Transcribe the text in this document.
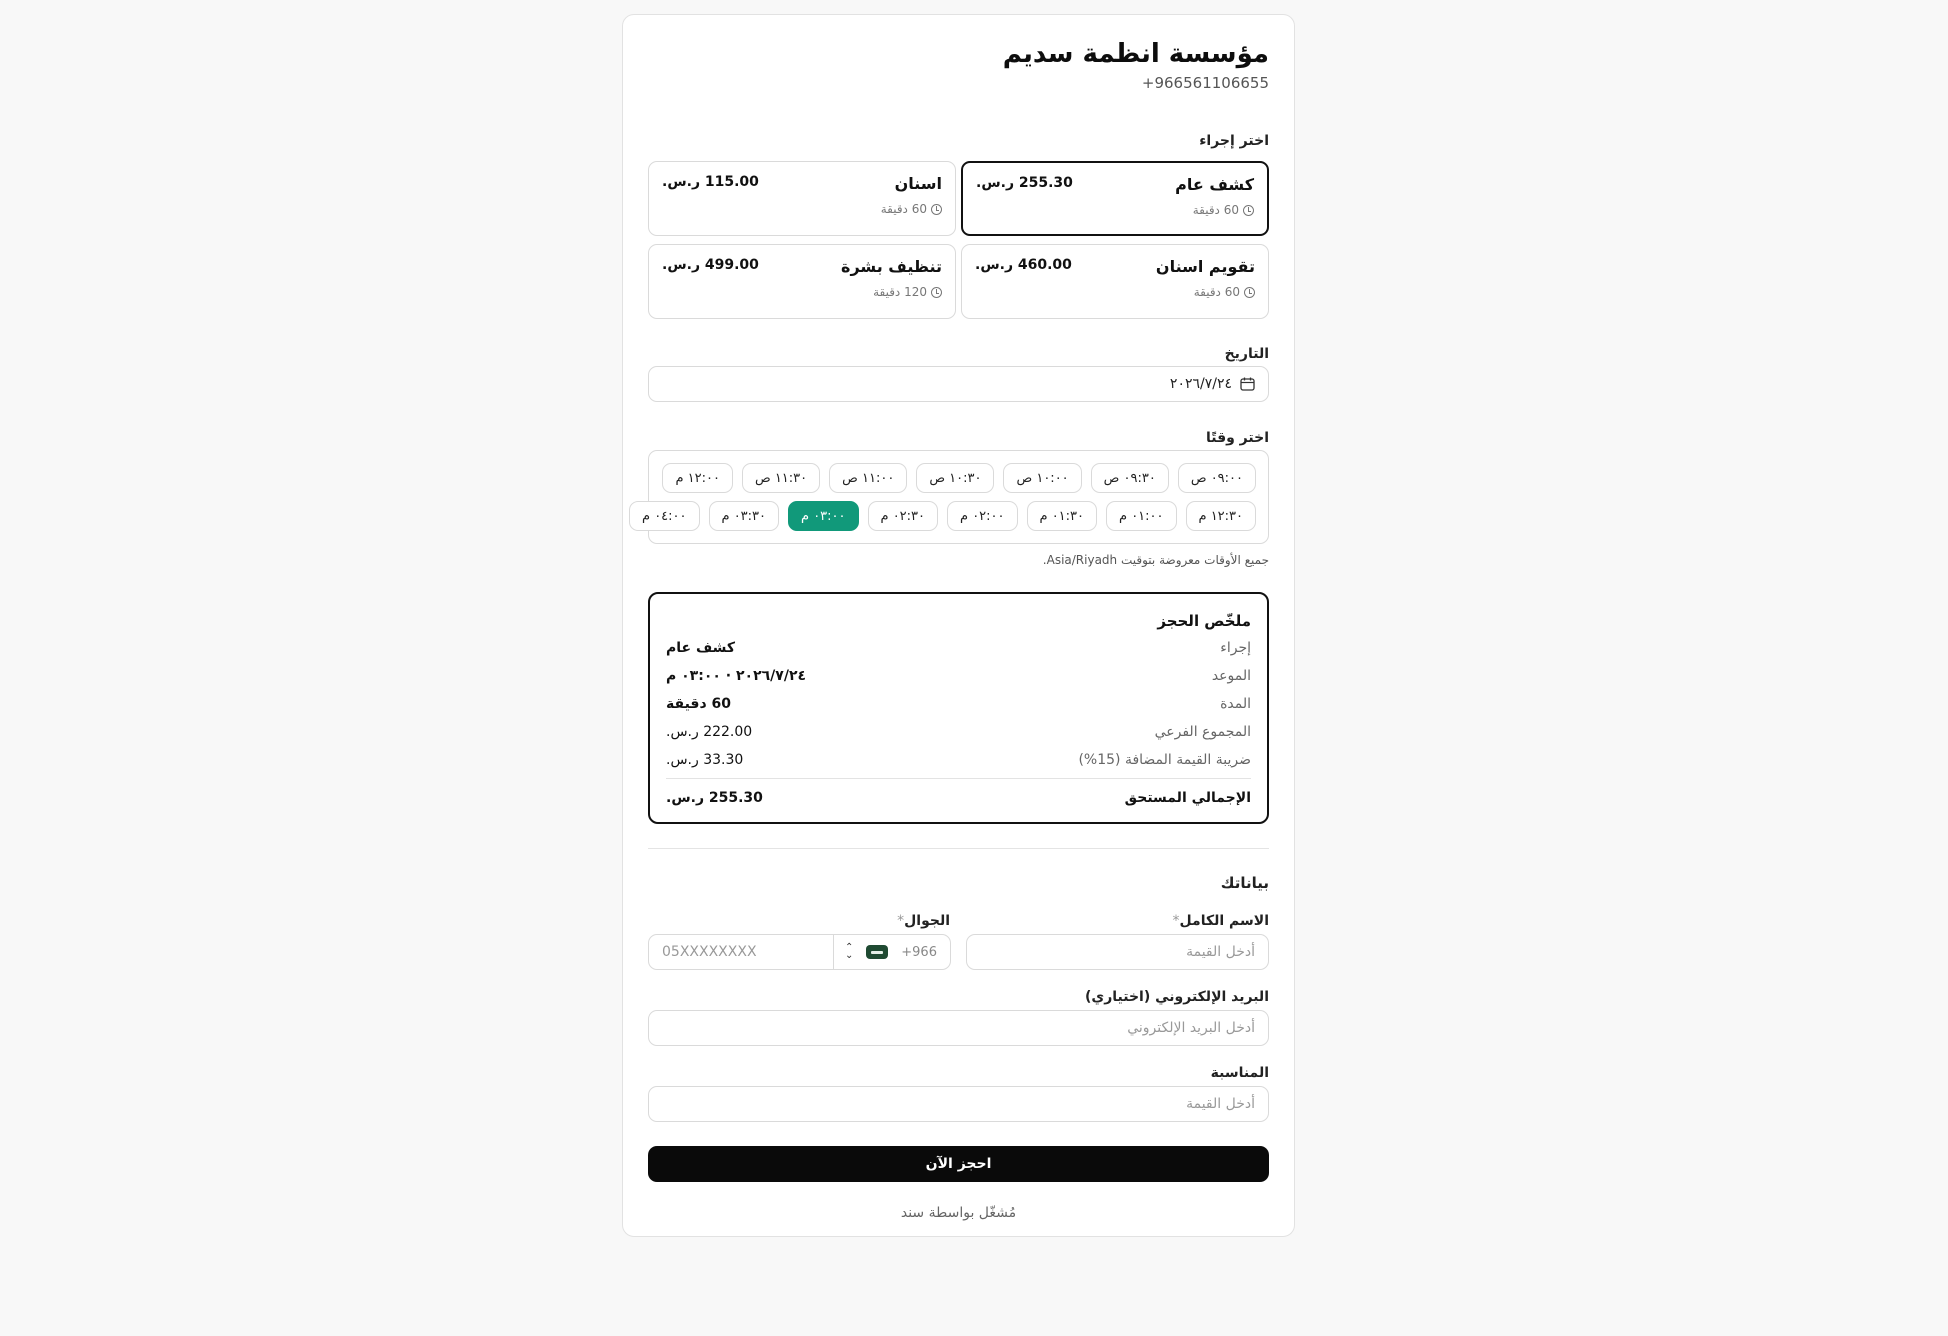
مؤسسة انظمة سديم
+966561106655
اختر إجراء
كشف عام
60 دقيقة
255.30 ر.س.
اسنان
60 دقيقة
115.00 ر.س.
تقويم اسنان
60 دقيقة
460.00 ر.س.
تنظيف بشرة
120 دقيقة
499.00 ر.س.
التاريخ
٢٠٢٦/٧/٢٤
اختر وقتًا
٠٩:٠٠ ص
٠٩:٣٠ ص
١٠:٠٠ ص
١٠:٣٠ ص
١١:٠٠ ص
١١:٣٠ ص
١٢:٠٠ م
١٢:٣٠ م
٠١:٠٠ م
٠١:٣٠ م
٠٢:٠٠ م
٠٢:٣٠ م
٠٣:٠٠ م
٠٣:٣٠ م
٠٤:٠٠ م
جميع الأوقات معروضة بتوقيت Asia/Riyadh.
ملخّص الحجز
إجراء
كشف عام
الموعد
٢٠٢٦/٧/٢٤ · ٠٣:٠٠ م
المدة
60 دقيقة
المجموع الفرعي
222.00 ر.س.
ضريبة القيمة المضافة (15%)
33.30 ر.س.
الإجمالي المستحق
255.30 ر.س.
بياناتك
الاسم الكامل*
أدخل القيمة
الجوال*
05XXXXXXXX	⌃
⌄	+966
البريد الإلكتروني (اختياري)
أدخل البريد الإلكتروني
المناسبة
أدخل القيمة
احجز الآن
مُشغّل بواسطة سند
